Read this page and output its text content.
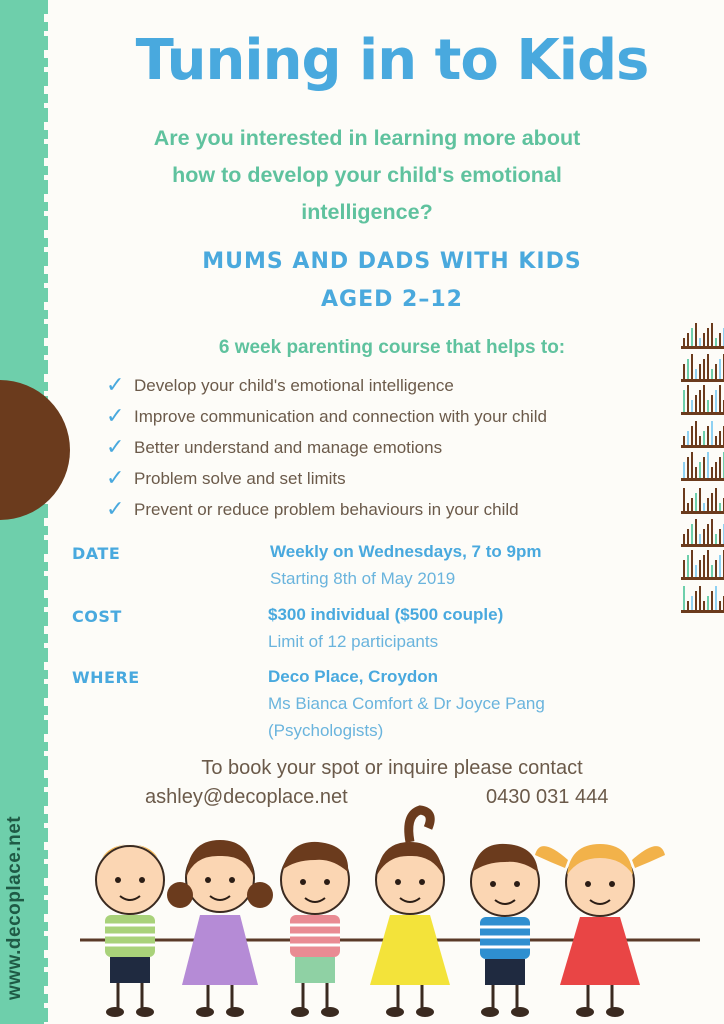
www.decoplace.net
Tuning in to Kids
Are you interested in learning more about
how to develop your child's emotional
intelligence?
MUMS AND DADS WITH KIDS
AGED 2–12
6 week parenting course that helps to:
✓ Develop your child's emotional intelligence
✓ Improve communication and connection with your child
✓ Better understand and manage emotions
✓ Problem solve and set limits
✓ Prevent or reduce problem behaviours in your child
DATE	Weekly on Wednesdays, 7 to 9pm
Starting 8th of May 2019
COST	$300 individual ($500 couple)
Limit of 12 participants
WHERE	Deco Place, Croydon
Ms Bianca Comfort & Dr Joyce Pang
(Psychologists)
To book your spot or inquire please contact
ashley@decoplace.net	0430 031 444
